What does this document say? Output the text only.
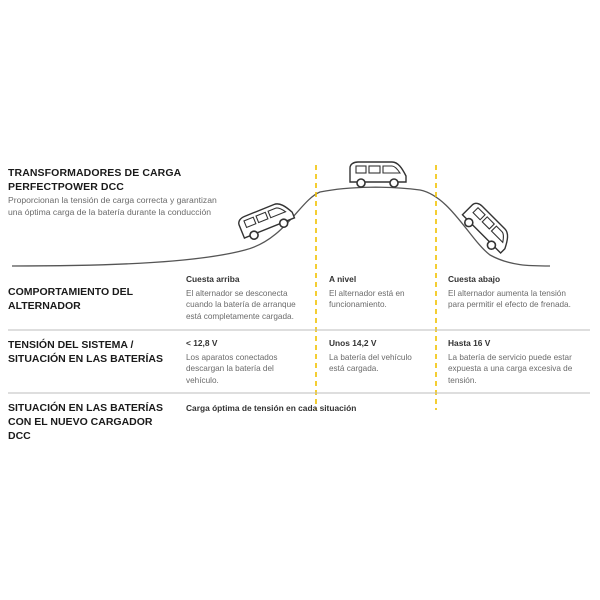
TRANSFORMADORES DE CARGA
PERFECTPOWER DCC
Proporcionan la tensión de carga correcta y garantizan
una óptima carga de la batería durante la conducción
COMPORTAMIENTO DEL
ALTERNADOR
Cuesta arriba
El alternador se desconecta
cuando la batería de arranque
está completamente cargada.
A nivel
El alternador está en
funcionamiento.
Cuesta abajo
El alternador aumenta la tensión
para permitir el efecto de frenada.
TENSIÓN DEL SISTEMA /
SITUACIÓN EN LAS BATERÍAS
< 12,8 V
Los aparatos conectados
descargan la batería del
vehículo.
Unos 14,2 V
La batería del vehículo
está cargada.
Hasta 16 V
La batería de servicio puede estar
expuesta a una carga excesiva de
tensión.
SITUACIÓN EN LAS BATERÍAS
CON EL NUEVO CARGADOR
DCC
Carga óptima de tensión en cada situación
